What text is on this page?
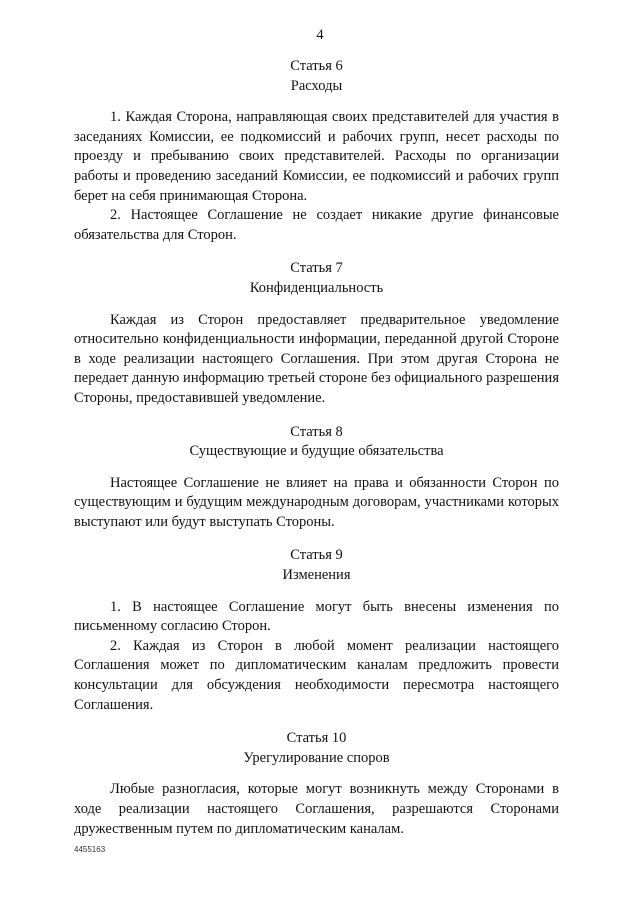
4

Статья 6

Расходы

1. Каждая Сторона, направляющая своих представителей для участия в заседаниях Комиссии, ее подкомиссий и рабочих групп, несет расходы по проезду и пребыванию своих представителей. Расходы по организации работы и проведению заседаний Комиссии, ее подкомиссий и рабочих групп берет на себя принимающая Сторона.

2. Настоящее Соглашение не создает никакие другие финансовые обязательства для Сторон.

Статья 7

Конфиденциальность

Каждая из Сторон предоставляет предварительное уведомление относительно конфиденциальности информации, переданной другой Стороне в ходе реализации настоящего Соглашения. При этом другая Сторона не передает данную информацию третьей стороне без официального разрешения Стороны, предоставившей уведомление.

Статья 8

Существующие и будущие обязательства

Настоящее Соглашение не влияет на права и обязанности Сторон по существующим и будущим международным договорам, участниками которых выступают или будут выступать Стороны.

Статья 9

Изменения

1. В настоящее Соглашение могут быть внесены изменения по письменному согласию Сторон.

2. Каждая из Сторон в любой момент реализации настоящего Соглашения может по дипломатическим каналам предложить провести консультации для обсуждения необходимости пересмотра настоящего Соглашения.

Статья 10

Урегулирование споров

Любые разногласия, которые могут возникнуть между Сторонами в ходе реализации настоящего Соглашения, разрешаются Сторонами дружественным путем по дипломатическим каналам.

4455163
